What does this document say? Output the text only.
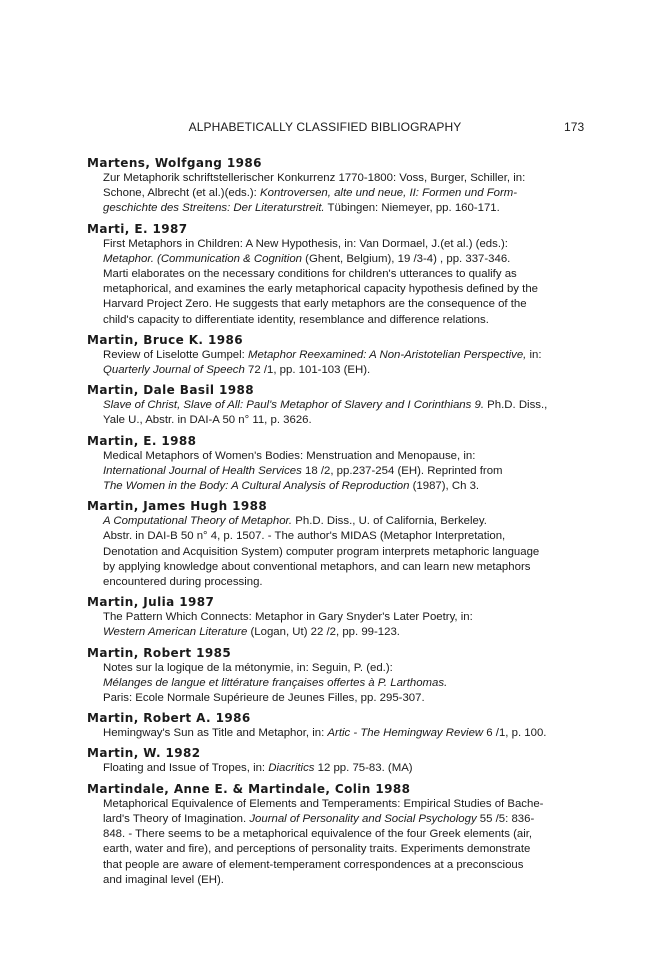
ALPHABETICALLY CLASSIFIED BIBLIOGRAPHY	173
Martens, Wolfgang 1986
Zur Metaphorik schriftstellerischer Konkurrenz 1770-1800: Voss, Burger, Schiller, in:
Schone, Albrecht (et al.)(eds.): Kontroversen, alte und neue, II: Formen und Form-
geschichte des Streitens: Der Literaturstreit. Tübingen: Niemeyer, pp. 160-171.
Marti, E. 1987
First Metaphors in Children: A New Hypothesis, in: Van Dormael, J.(et al.) (eds.):
Metaphor. (Communication & Cognition (Ghent, Belgium), 19 /3-4) , pp. 337-346.
Marti elaborates on the necessary conditions for children's utterances to qualify as
metaphorical, and examines the early metaphorical capacity hypothesis defined by the
Harvard Project Zero. He suggests that early metaphors are the consequence of the
child's capacity to differentiate identity, resemblance and difference relations.
Martin, Bruce K. 1986
Review of Liselotte Gumpel: Metaphor Reexamined: A Non-Aristotelian Perspective, in:
Quarterly Journal of Speech 72 /1, pp. 101-103 (EH).
Martin, Dale Basil 1988
Slave of Christ, Slave of All: Paul's Metaphor of Slavery and I Corinthians 9. Ph.D. Diss.,
Yale U., Abstr. in DAI-A 50 n° 11, p. 3626.
Martin, E. 1988
Medical Metaphors of Women's Bodies: Menstruation and Menopause, in:
International Journal of Health Services 18 /2, pp.237-254 (EH). Reprinted from
The Women in the Body: A Cultural Analysis of Reproduction (1987), Ch 3.
Martin, James Hugh 1988
A Computational Theory of Metaphor. Ph.D. Diss., U. of California, Berkeley.
Abstr. in DAI-B 50 n° 4, p. 1507. - The author's MIDAS (Metaphor Interpretation,
Denotation and Acquisition System) computer program interprets metaphoric language
by applying knowledge about conventional metaphors, and can learn new metaphors
encountered during processing.
Martin, Julia 1987
The Pattern Which Connects: Metaphor in Gary Snyder's Later Poetry, in:
Western American Literature (Logan, Ut) 22 /2, pp. 99-123.
Martin, Robert 1985
Notes sur la logique de la métonymie, in: Seguin, P. (ed.):
Mélanges de langue et littérature françaises offertes à P. Larthomas.
Paris: Ecole Normale Supérieure de Jeunes Filles, pp. 295-307.
Martin, Robert A. 1986
Hemingway's Sun as Title and Metaphor, in: Artic - The Hemingway Review 6 /1, p. 100.
Martin, W. 1982
Floating and Issue of Tropes, in: Diacritics 12 pp. 75-83. (MA)
Martindale, Anne E. & Martindale, Colin 1988
Metaphorical Equivalence of Elements and Temperaments: Empirical Studies of Bache-
lard's Theory of Imagination. Journal of Personality and Social Psychology 55 /5: 836-
848. - There seems to be a metaphorical equivalence of the four Greek elements (air,
earth, water and fire), and perceptions of personality traits. Experiments demonstrate
that people are aware of element-temperament correspondences at a preconscious
and imaginal level (EH).
